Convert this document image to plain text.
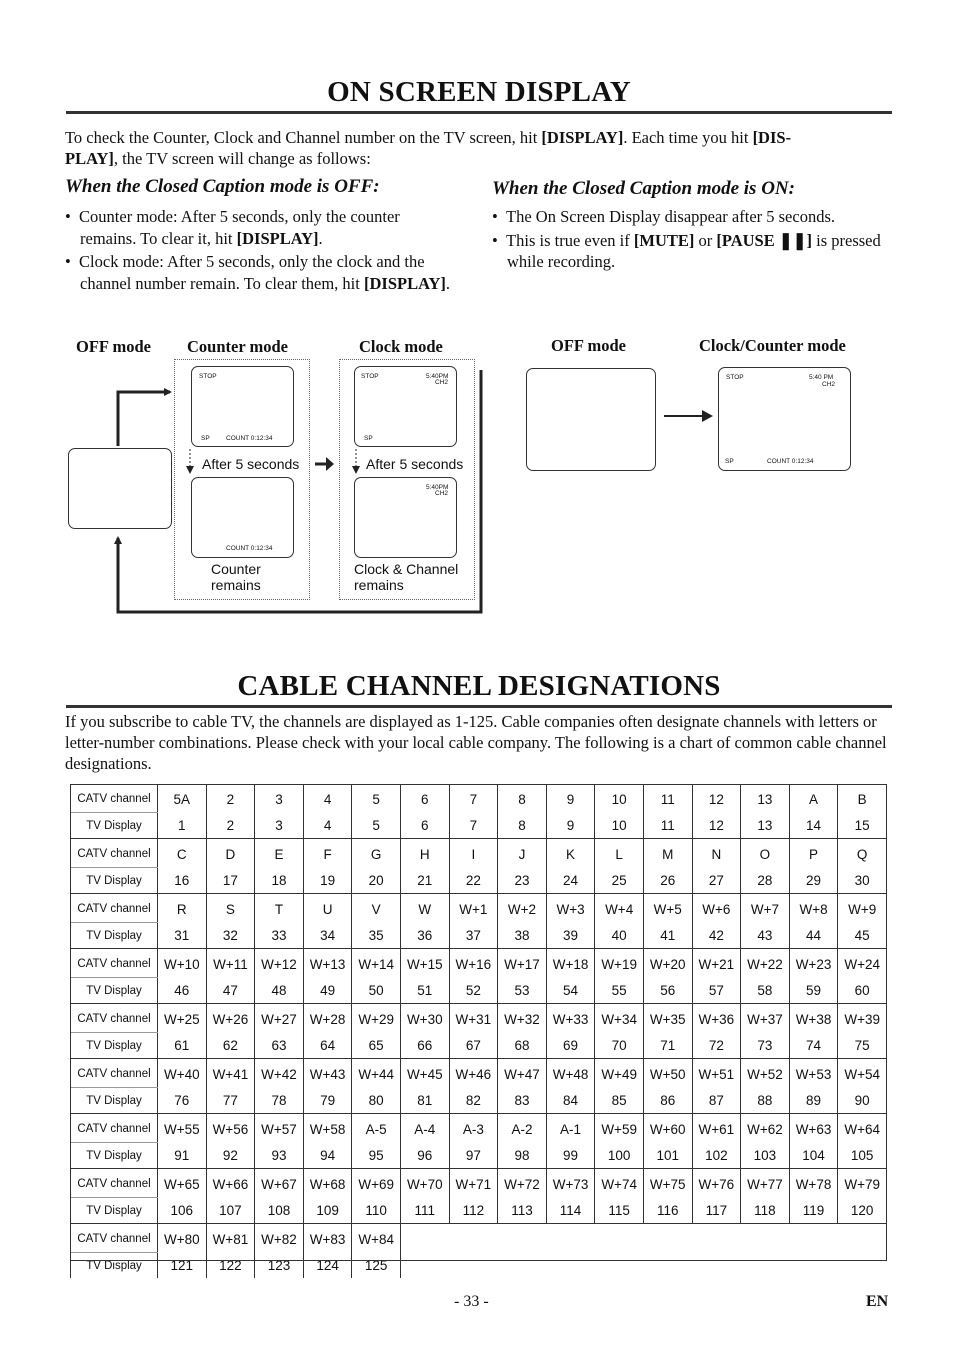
ON SCREEN DISPLAY
To check the Counter, Clock and Channel number on the TV screen, hit [DISPLAY]. Each time you hit [DIS-
PLAY], the TV screen will change as follows:
When the Closed Caption mode is OFF:
• Counter mode: After 5 seconds, only the counter remains. To clear it, hit [DISPLAY].
• Clock mode: After 5 seconds, only the clock and the channel number remain. To clear them, hit [DISPLAY].
When the Closed Caption mode is ON:
• The On Screen Display disappear after 5 seconds.
• This is true even if [MUTE] or [PAUSE ❚❚] is pressed while recording.
OFF mode Counter mode	Clock mode	OFF mode	Clock/Counter mode
STOP
SP	COUNT 0:12:34
COUNT 0:12:34
STOP	5:40PM
CH2
SP
5:40PM
CH2
After 5 seconds	After 5 seconds
Counter
remains
Clock & Channel
remains
STOP	5:40 PM
CH2
SP	COUNT 0:12:34
CABLE CHANNEL DESIGNATIONS
If you subscribe to cable TV, the channels are displayed as 1-125. Cable companies often designate channels with letters or letter-number combinations. Please check with your local cable company. The following is a chart of common cable channel designations.
CATV channel	5A	2	3	4	5	6	7	8	9	10	11	12	13	A	B
TV Display	1	2	3	4	5	6	7	8	9	10	11	12	13	14	15
CATV channel	C	D	E	F	G	H	I	J	K	L	M	N	O	P	Q
TV Display	16	17	18	19	20	21	22	23	24	25	26	27	28	29	30
CATV channel	R	S	T	U	V	W	W+1	W+2	W+3	W+4	W+5	W+6	W+7	W+8	W+9
TV Display	31	32	33	34	35	36	37	38	39	40	41	42	43	44	45
CATV channel	W+10	W+11	W+12	W+13	W+14	W+15	W+16	W+17	W+18	W+19	W+20	W+21	W+22	W+23	W+24
TV Display	46	47	48	49	50	51	52	53	54	55	56	57	58	59	60
CATV channel	W+25	W+26	W+27	W+28	W+29	W+30	W+31	W+32	W+33	W+34	W+35	W+36	W+37	W+38	W+39
TV Display	61	62	63	64	65	66	67	68	69	70	71	72	73	74	75
CATV channel	W+40	W+41	W+42	W+43	W+44	W+45	W+46	W+47	W+48	W+49	W+50	W+51	W+52	W+53	W+54
TV Display	76	77	78	79	80	81	82	83	84	85	86	87	88	89	90
CATV channel	W+55	W+56	W+57	W+58	A-5	A-4	A-3	A-2	A-1	W+59	W+60	W+61	W+62	W+63	W+64
TV Display	91	92	93	94	95	96	97	98	99	100	101	102	103	104	105
CATV channel	W+65	W+66	W+67	W+68	W+69	W+70	W+71	W+72	W+73	W+74	W+75	W+76	W+77	W+78	W+79
TV Display	106	107	108	109	110	111	112	113	114	115	116	117	118	119	120
CATV channel	W+80	W+81	W+82	W+83	W+84										
TV Display	121	122	123	124	125										
- 33 -	EN
